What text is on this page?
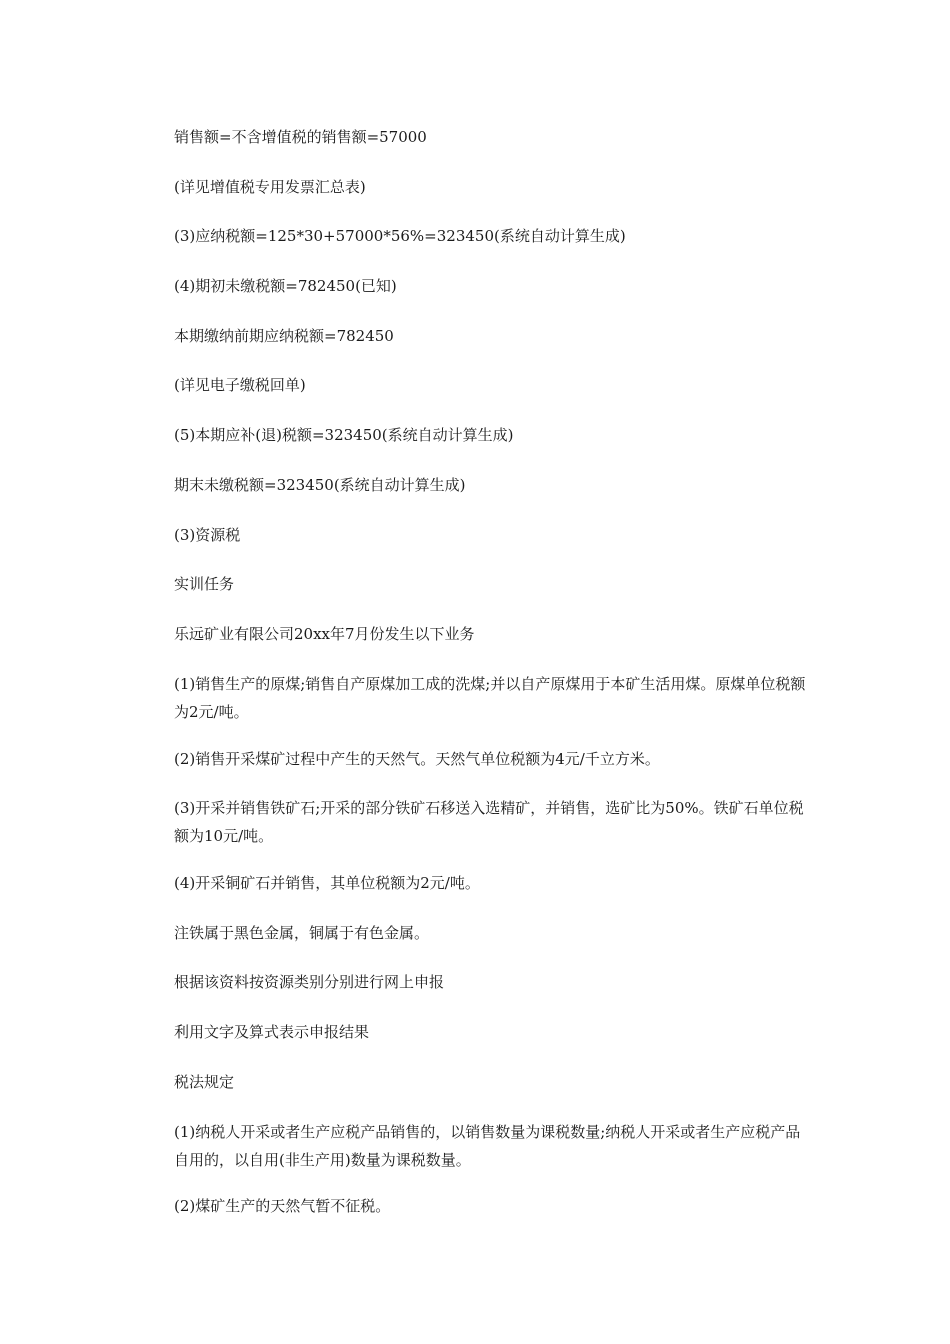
销售额=不含增值税的销售额=57000

(详见增值税专用发票汇总表)

(3)应纳税额=125*30+57000*56%=323450(系统自动计算生成)

(4)期初未缴税额=782450(已知)

本期缴纳前期应纳税额=782450

(详见电子缴税回单)

(5)本期应补(退)税额=323450(系统自动计算生成)

期末未缴税额=323450(系统自动计算生成)

(3)资源税

实训任务

乐远矿业有限公司20xx年7月份发生以下业务

(1)销售生产的原煤;销售自产原煤加工成的洗煤;并以自产原煤用于本矿生活用煤。原煤单位税额为2元/吨。

(2)销售开采煤矿过程中产生的天然气。天然气单位税额为4元/千立方米。

(3)开采并销售铁矿石;开采的部分铁矿石移送入选精矿，并销售，选矿比为50%。铁矿石单位税额为10元/吨。

(4)开采铜矿石并销售，其单位税额为2元/吨。

注铁属于黑色金属，铜属于有色金属。

根据该资料按资源类别分别进行网上申报

利用文字及算式表示申报结果

税法规定

(1)纳税人开采或者生产应税产品销售的，以销售数量为课税数量;纳税人开采或者生产应税产品自用的，以自用(非生产用)数量为课税数量。

(2)煤矿生产的天然气暂不征税。
